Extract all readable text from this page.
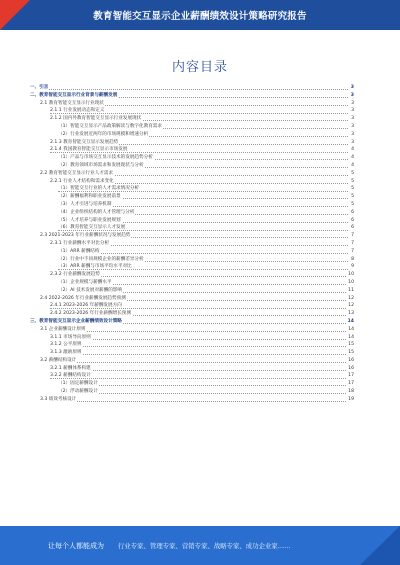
教育智能交互显示企业薪酬绩效设计策略研究报告
内容目录
一、引言	3
二、教育智能交互显示行业背景与薪酬发展	3
2.1 教育智能交互显示行业现状	3
2.1.1 行业发展动态和定义	3
2.1.2 国内外教育智能交互显示行业发展现状	3
（1）智能交互显示产品政策解读与数字化教育需求	3
（2）行业发展近两年的市场规模和增速分析	3
2.1.3 教育智能交互显示发展趋势	3
2.1.4 我国教育智能交互显示市场发展	4
（1）产品与市场交互显示技术的发展趋势分析	4
（2）教育领域市场需求和发展现状与分析	4
2.2 教育智能交互显示行业人才需求	5
2.2.1 行业人才结构和需求变化	5
（1）智能交互行业的人才需求情况分析	5
（2）薪酬福利和职业发展前景	5
（3）人才引进与培养机制	5
（4）企业组织结构的人才管理与分析	6
（5）人才培养与职业发展规划	6
（6）教育智能交互显示人才发展	6
2.3 2021-2023 年行业薪酬状况与发展趋势	7
2.3.1 行业薪酬水平对比分析	7
（1）ARR 薪酬结构	7
（2）行业中不同规模企业的薪酬差异分析	8
（3）ARR 薪酬与市场平均水平对比	9
2.3.2 行业薪酬发展趋势	10
（1）企业规模与薪酬水平	10
（2）AI 技术发展对薪酬的影响	11
2.4 2022-2026 年行业薪酬发展趋势预测	12
2.4.1 2023-2026 年薪酬发展方向	12
2.4.2 2023-2026 年行业薪酬增长预测	13
三、教育智能交互显示企业薪酬绩效设计策略	14
3.1 企业薪酬设计原则	14
3.1.1 市场导向原则	14
3.1.2 公平原则	15
3.1.3 激励原则	15
3.2 薪酬结构设计	16
3.2.1 薪酬体系构建	16
3.2.2 薪酬结构设计	17
（1）固定薪酬设计	17
（2）浮动薪酬设计	18
3.3 绩效考核设计	19
让每个人都能成为 行业专家、管理专家、营销专家、战略专家、成功企业家……
